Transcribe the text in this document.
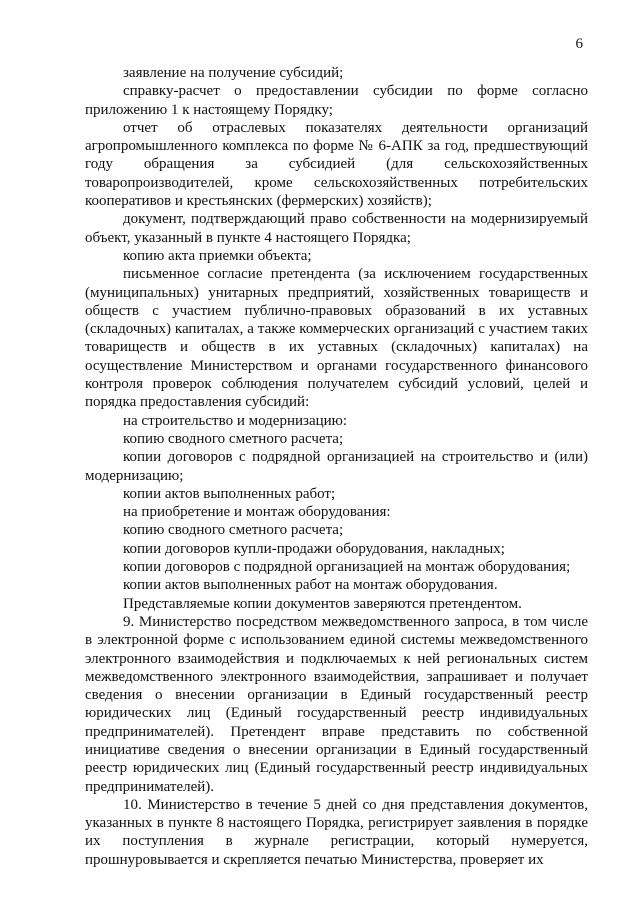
6

заявление на получение субсидий;

справку-расчет о предоставлении субсидии по форме согласно приложению 1 к настоящему Порядку;

отчет об отраслевых показателях деятельности организаций агропромышленного комплекса по форме № 6-АПК за год, предшествующий году обращения за субсидией (для сельскохозяйственных товаропроизводителей, кроме сельскохозяйственных потребительских кооперативов и крестьянских (фермерских) хозяйств);

документ, подтверждающий право собственности на модернизируемый объект, указанный в пункте 4 настоящего Порядка;

копию акта приемки объекта;

письменное согласие претендента (за исключением государственных (муниципальных) унитарных предприятий, хозяйственных товариществ и обществ с участием публично-правовых образований в их уставных (складочных) капиталах, а также коммерческих организаций с участием таких товариществ и обществ в их уставных (складочных) капиталах) на осуществление Министерством и органами государственного финансового контроля проверок соблюдения получателем субсидий условий, целей и порядка предоставления субсидий:

на строительство и модернизацию:

копию сводного сметного расчета;

копии договоров с подрядной организацией на строительство и (или) модернизацию;

копии актов выполненных работ;

на приобретение и монтаж оборудования:

копию сводного сметного расчета;

копии договоров купли-продажи оборудования, накладных;

копии договоров с подрядной организацией на монтаж оборудования;

копии актов выполненных работ на монтаж оборудования.

Представляемые копии документов заверяются претендентом.

9. Министерство посредством межведомственного запроса, в том числе в электронной форме с использованием единой системы межведомственного электронного взаимодействия и подключаемых к ней региональных систем межведомственного электронного взаимодействия, запрашивает и получает сведения о внесении организации в Единый государственный реестр юридических лиц (Единый государственный реестр индивидуальных предпринимателей). Претендент вправе представить по собственной инициативе сведения о внесении организации в Единый государственный реестр юридических лиц (Единый государственный реестр индивидуальных предпринимателей).

10. Министерство в течение 5 дней со дня представления документов, указанных в пункте 8 настоящего Порядка, регистрирует заявления в порядке их поступления в журнале регистрации, который нумеруется, прошнуровывается и скрепляется печатью Министерства, проверяет их
